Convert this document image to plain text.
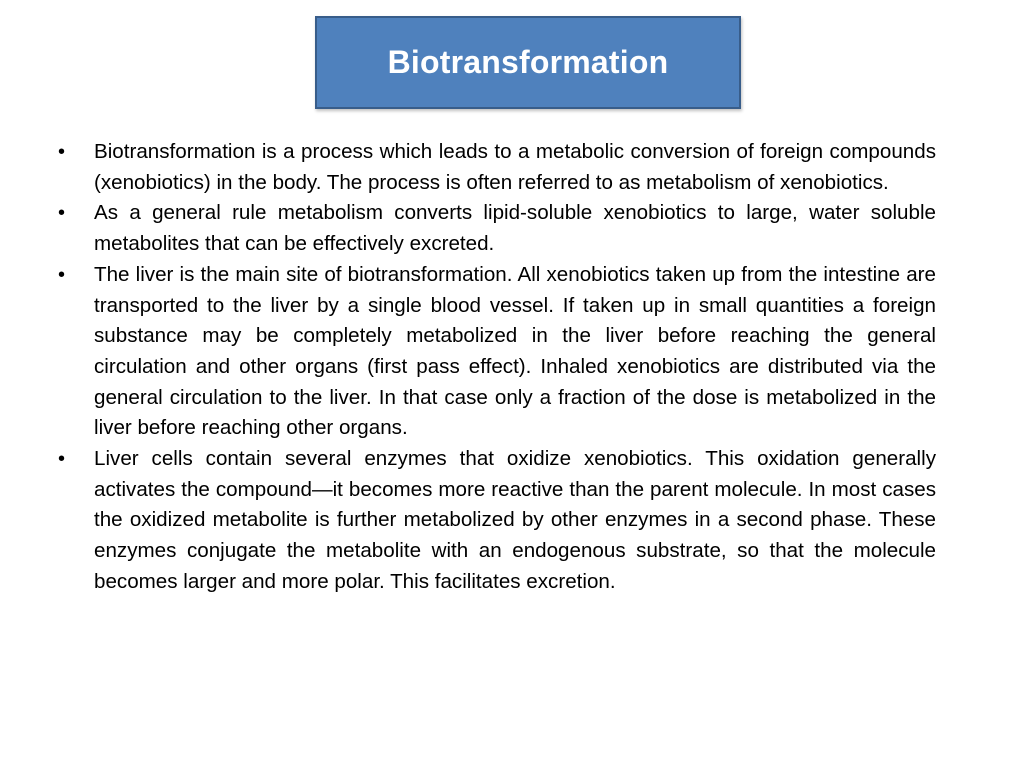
Biotransformation
• Biotransformation is a process which leads to a metabolic conversion of foreign compounds (xenobiotics) in the body. The process is often referred to as metabolism of xenobiotics.
• As a general rule metabolism converts lipid-soluble xenobiotics to large, water soluble metabolites that can be effectively excreted.
• The liver is the main site of biotransformation. All xenobiotics taken up from the intestine are transported to the liver by a single blood vessel. If taken up in small quantities a foreign substance may be completely metabolized in the liver before reaching the general circulation and other organs (first pass effect). Inhaled xenobiotics are distributed via the general circulation to the liver. In that case only a fraction of the dose is metabolized in the liver before reaching other organs.
• Liver cells contain several enzymes that oxidize xenobiotics. This oxidation generally activates the compound—it becomes more reactive than the parent molecule. In most cases the oxidized metabolite is further metabolized by other enzymes in a second phase. These enzymes conjugate the metabolite with an endogenous substrate, so that the molecule becomes larger and more polar. This facilitates excretion.
